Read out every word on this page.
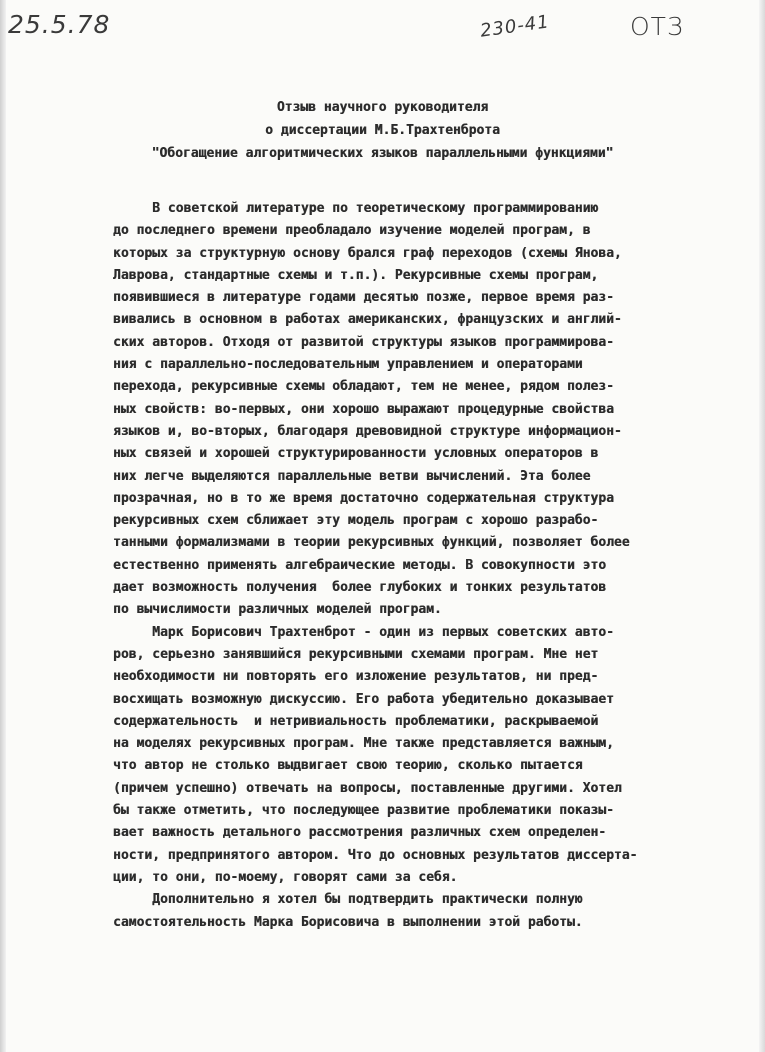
25.5.78	230-41	ОТЗ
Отзыв научного руководителя
о диссертации М.Б.Трахтенброта
"Обогащение алгоритмических языков параллельными функциями"
В советской литературе по теоретическому программированию
до последнего времени преобладало изучение моделей програм, в
которых за структурную основу брался граф переходов (схемы Янова,
Лаврова, стандартные схемы и т.п.). Рекурсивные схемы програм,
появившиеся в литературе годами десятью позже, первое время раз-
вивались в основном в работах американских, французских и англий-
ских авторов. Отходя от развитой структуры языков программирова-
ния с параллельно-последовательным управлением и операторами
перехода, рекурсивные схемы обладают, тем не менее, рядом полез-
ных свойств: во-первых, они хорошо выражают процедурные свойства
языков и, во-вторых, благодаря древовидной структуре информацион-
ных связей и хорошей структурированности условных операторов в
них легче выделяются параллельные ветви вычислений. Эта более
прозрачная, но в то же время достаточно содержательная структура
рекурсивных схем сближает эту модель програм с хорошо разрабо-
танными формализмами в теории рекурсивных функций, позволяет более
естественно применять алгебраические методы. В совокупности это
дает возможность получения  более глубоких и тонких результатов
по вычислимости различных моделей програм.
Марк Борисович Трахтенброт - один из первых советских авто-
ров, серьезно занявшийся рекурсивными схемами програм. Мне нет
необходимости ни повторять его изложение результатов, ни пред-
восхищать возможную дискуссию. Его работа убедительно доказывает
содержательность  и нетривиальность проблематики, раскрываемой
на моделях рекурсивных програм. Мне также представляется важным,
что автор не столько выдвигает свою теорию, сколько пытается
(причем успешно) отвечать на вопросы, поставленные другими. Хотел
бы также отметить, что последующее развитие проблематики показы-
вает важность детального рассмотрения различных схем определен-
ности, предпринятого автором. Что до основных результатов диссерта-
ции, то они, по-моему, говорят сами за себя.
Дополнительно я хотел бы подтвердить практически полную
самостоятельность Марка Борисовича в выполнении этой работы.
